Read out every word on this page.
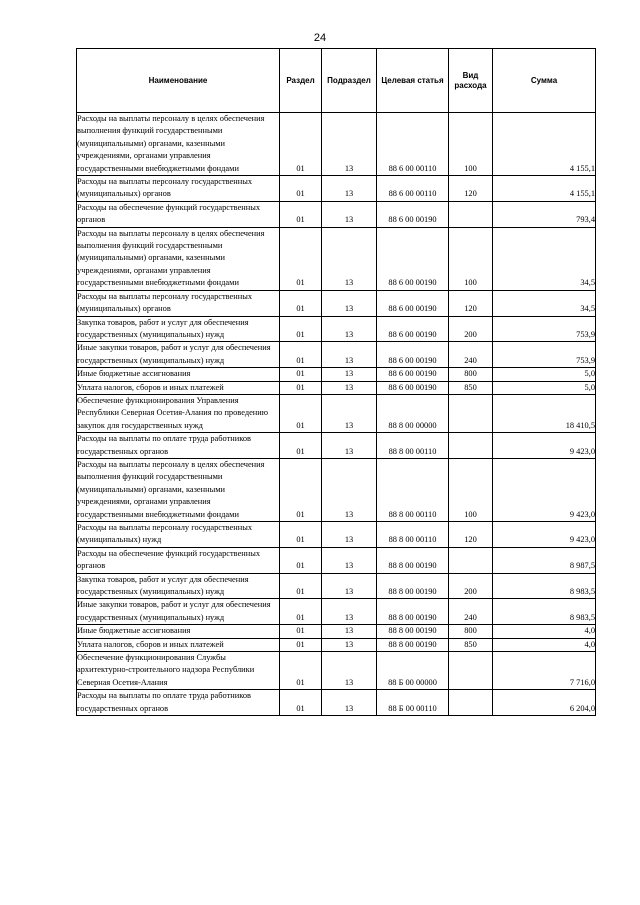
24
Наименование	Раздел	Подраздел	Целевая статья	Вид расхода	Сумма
Расходы на выплаты персоналу в целях обеспечения выполнения функций государственными (муниципальными) органами, казенными учреждениями, органами управления государственными внебюджетными фондами	01	13	88 6 00 00110	100	4 155,1
Расходы на выплаты персоналу государственных (муниципальных) органов	01	13	88 6 00 00110	120	4 155,1
Расходы на обеспечение функций государственных органов	01	13	88 6 00 00190		793,4
Расходы на выплаты персоналу в целях обеспечения выполнения функций государственными (муниципальными) органами, казенными учреждениями, органами управления государственными внебюджетными фондами	01	13	88 6 00 00190	100	34,5
Расходы на выплаты персоналу государственных (муниципальных) органов	01	13	88 6 00 00190	120	34,5
Закупка товаров, работ и услуг для обеспечения государственных (муниципальных) нужд	01	13	88 6 00 00190	200	753,9
Иные закупки товаров, работ и услуг для обеспечения государственных (муниципальных) нужд	01	13	88 6 00 00190	240	753,9
Иные бюджетные ассигнования	01	13	88 6 00 00190	800	5,0
Уплата налогов, сборов и иных платежей	01	13	88 6 00 00190	850	5,0
Обеспечение функционирования Управления Республики Северная Осетия-Алания по проведению закупок для государственных нужд	01	13	88 8 00 00000		18 410,5
Расходы на выплаты по оплате труда работников государственных органов	01	13	88 8 00 00110		9 423,0
Расходы на выплаты персоналу в целях обеспечения выполнения функций государственными (муниципальными) органами, казенными учреждениями, органами управления государственными внебюджетными фондами	01	13	88 8 00 00110	100	9 423,0
Расходы на выплаты персоналу государственных (муниципальных) нужд	01	13	88 8 00 00110	120	9 423,0
Расходы на обеспечение функций государственных органов	01	13	88 8 00 00190		8 987,5
Закупка товаров, работ и услуг для обеспечения государственных (муниципальных) нужд	01	13	88 8 00 00190	200	8 983,5
Иные закупки товаров, работ и услуг для обеспечения государственных (муниципальных) нужд	01	13	88 8 00 00190	240	8 983,5
Иные бюджетные ассигнования	01	13	88 8 00 00190	800	4,0
Уплата налогов, сборов и иных платежей	01	13	88 8 00 00190	850	4,0
Обеспечение функционирования Службы архитектурно-строительного надзора Республики Северная Осетия-Алания	01	13	88 Б 00 00000		7 716,0
Расходы на выплаты по оплате труда работников государственных органов	01	13	88 Б 00 00110		6 204,0
